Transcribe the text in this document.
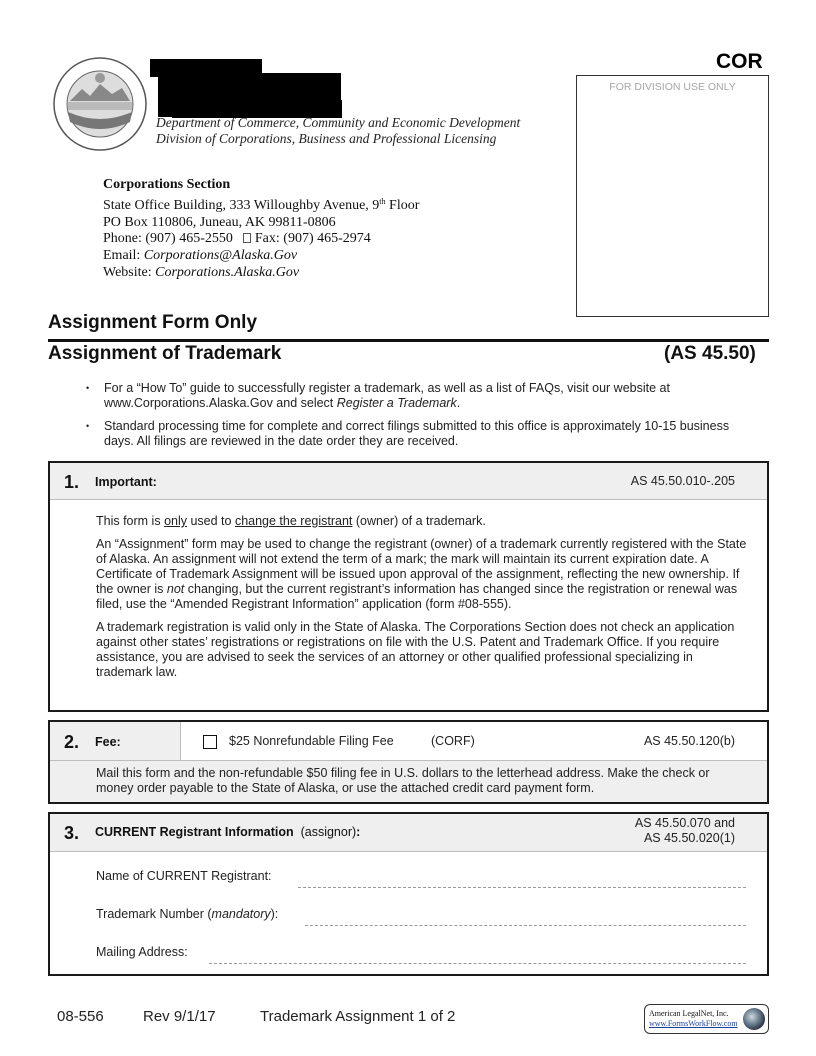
Department of Commerce, Community and Economic Development
Division of Corporations, Business and Professional Licensing
Corporations Section
State Office Building, 333 Willoughby Avenue, 9th Floor
PO Box 110806, Juneau, AK 99811-0806
Phone: (907) 465-2550 Fax: (907) 465-2974
Email: Corporations@Alaska.Gov
Website: Corporations.Alaska.Gov
COR
FOR DIVISION USE ONLY
Assignment Form Only
Assignment of Trademark	(AS 45.50)
• For a “How To” guide to successfully register a trademark, as well as a list of FAQs, visit our website at www.Corporations.Alaska.Gov and select Register a Trademark.
• Standard processing time for complete and correct filings submitted to this office is approximately 10-15 business days. All filings are reviewed in the date order they are received.
1. Important:	AS 45.50.010-.205

This form is only used to change the registrant (owner) of a trademark.

An “Assignment” form may be used to change the registrant (owner) of a trademark currently registered with the State of Alaska. An assignment will not extend the term of a mark; the mark will maintain its current expiration date. A Certificate of Trademark Assignment will be issued upon approval of the assignment, reflecting the new ownership. If the owner is not changing, but the current registrant’s information has changed since the registration or renewal was filed, use the “Amended Registrant Information” application (form #08-555).

A trademark registration is valid only in the State of Alaska. The Corporations Section does not check an application against other states’ registrations or registrations on file with the U.S. Patent and Trademark Office. If you require assistance, you are advised to seek the services of an attorney or other qualified professional specializing in trademark law.

2. Fee:	$25 Nonrefundable Filing Fee	(CORF)	AS 45.50.120(b)
Mail this form and the non-refundable $50 filing fee in U.S. dollars to the letterhead address. Make the check or money order payable to the State of Alaska, or use the attached credit card payment form.
3. CURRENT Registrant Information (assignor):
AS 45.50.070 and
AS 45.50.020(1)
Name of CURRENT Registrant:
Trademark Number (mandatory):
Mailing Address:
08-556	Rev 9/1/17	Trademark Assignment 1 of 2	American LegalNet, Inc.
www.FormsWorkFlow.com
